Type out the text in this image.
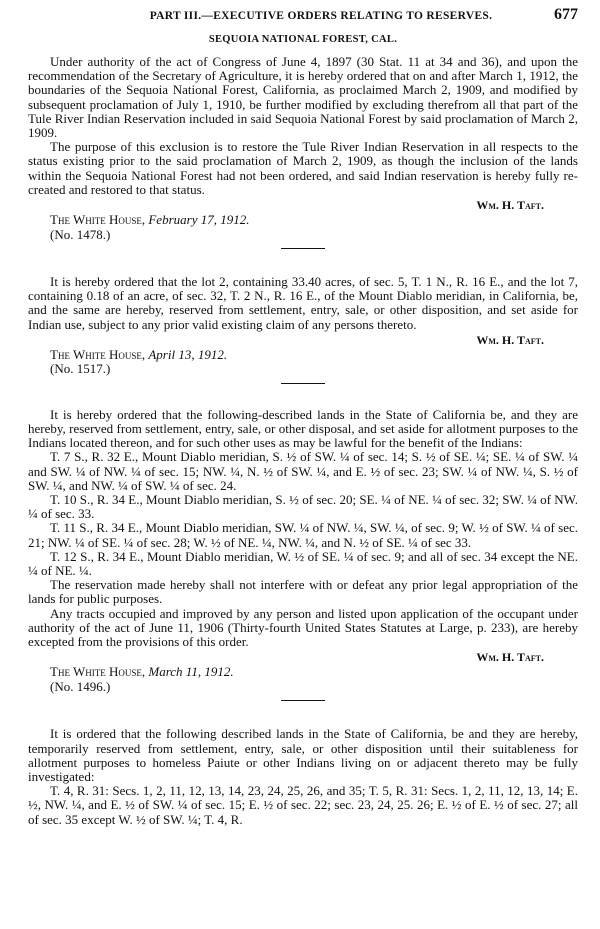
PART III.—EXECUTIVE ORDERS RELATING TO RESERVES.	677
SEQUOIA NATIONAL FOREST, CAL.

Under authority of the act of Congress of June 4, 1897 (30 Stat. 11 at 34 and 36), and upon the recommendation of the Secretary of Agriculture, it is hereby ordered that on and after March 1, 1912, the boundaries of the Sequoia National Forest, California, as proclaimed March 2, 1909, and modified by subsequent proclamation of July 1, 1910, be further modified by excluding therefrom all that part of the Tule River Indian Reservation included in said Sequoia National Forest by said proclamation of March 2, 1909.

The purpose of this exclusion is to restore the Tule River Indian Reservation in all respects to the status existing prior to the said proclamation of March 2, 1909, as though the inclusion of the lands within the Sequoia National Forest had not been ordered, and said Indian reservation is hereby fully re-created and restored to that status.

Wm. H. Taft.
The White House, February 17, 1912.
(No. 1478.)

It is hereby ordered that the lot 2, containing 33.40 acres, of sec. 5, T. 1 N., R. 16 E., and the lot 7, containing 0.18 of an acre, of sec. 32, T. 2 N., R. 16 E., of the Mount Diablo meridian, in California, be, and the same are hereby, reserved from settlement, entry, sale, or other disposition, and set aside for Indian use, subject to any prior valid existing claim of any persons thereto.

Wm. H. Taft.
The White House, April 13, 1912.
(No. 1517.)

It is hereby ordered that the following-described lands in the State of California be, and they are hereby, reserved from settlement, entry, sale, or other disposal, and set aside for allotment purposes to the Indians located thereon, and for such other uses as may be lawful for the benefit of the Indians:

T. 7 S., R. 32 E., Mount Diablo meridian, S. ½ of SW. ¼ of sec. 14; S. ½ of SE. ¼; SE. ¼ of SW. ¼ and SW. ¼ of NW. ¼ of sec. 15; NW. ¼, N. ½ of SW. ¼, and E. ½ of sec. 23; SW. ¼ of NW. ¼, S. ½ of SW. ¼, and NW. ¼ of SW. ¼ of sec. 24.

T. 10 S., R. 34 E., Mount Diablo meridian, S. ½ of sec. 20; SE. ¼ of NE. ¼ of sec. 32; SW. ¼ of NW. ¼ of sec. 33.

T. 11 S., R. 34 E., Mount Diablo meridian, SW. ¼ of NW. ¼, SW. ¼, of sec. 9; W. ½ of SW. ¼ of sec. 21; NW. ¼ of SE. ¼ of sec. 28; W. ½ of NE. ¼, NW. ¼, and N. ½ of SE. ¼ of sec 33.

T. 12 S., R. 34 E., Mount Diablo meridian, W. ½ of SE. ¼ of sec. 9; and all of sec. 34 except the NE. ¼ of NE. ¼.

The reservation made hereby shall not interfere with or defeat any prior legal appropriation of the lands for public purposes.

Any tracts occupied and improved by any person and listed upon application of the occupant under authority of the act of June 11, 1906 (Thirty-fourth United States Statutes at Large, p. 233), are hereby excepted from the provisions of this order.

Wm. H. Taft.
The White House, March 11, 1912.
(No. 1496.)

It is ordered that the following described lands in the State of California, be and they are hereby, temporarily reserved from settlement, entry, sale, or other disposition until their suitableness for allotment purposes to homeless Paiute or other Indians living on or adjacent thereto may be fully investigated:

T. 4, R. 31: Secs. 1, 2, 11, 12, 13, 14, 23, 24, 25, 26, and 35; T. 5, R. 31: Secs. 1, 2, 11, 12, 13, 14; E. ½, NW. ¼, and E. ½ of SW. ¼ of sec. 15; E. ½ of sec. 22; sec. 23, 24, 25. 26; E. ½ of E. ½ of sec. 27; all of sec. 35 except W. ½ of SW. ¼; T. 4, R.
